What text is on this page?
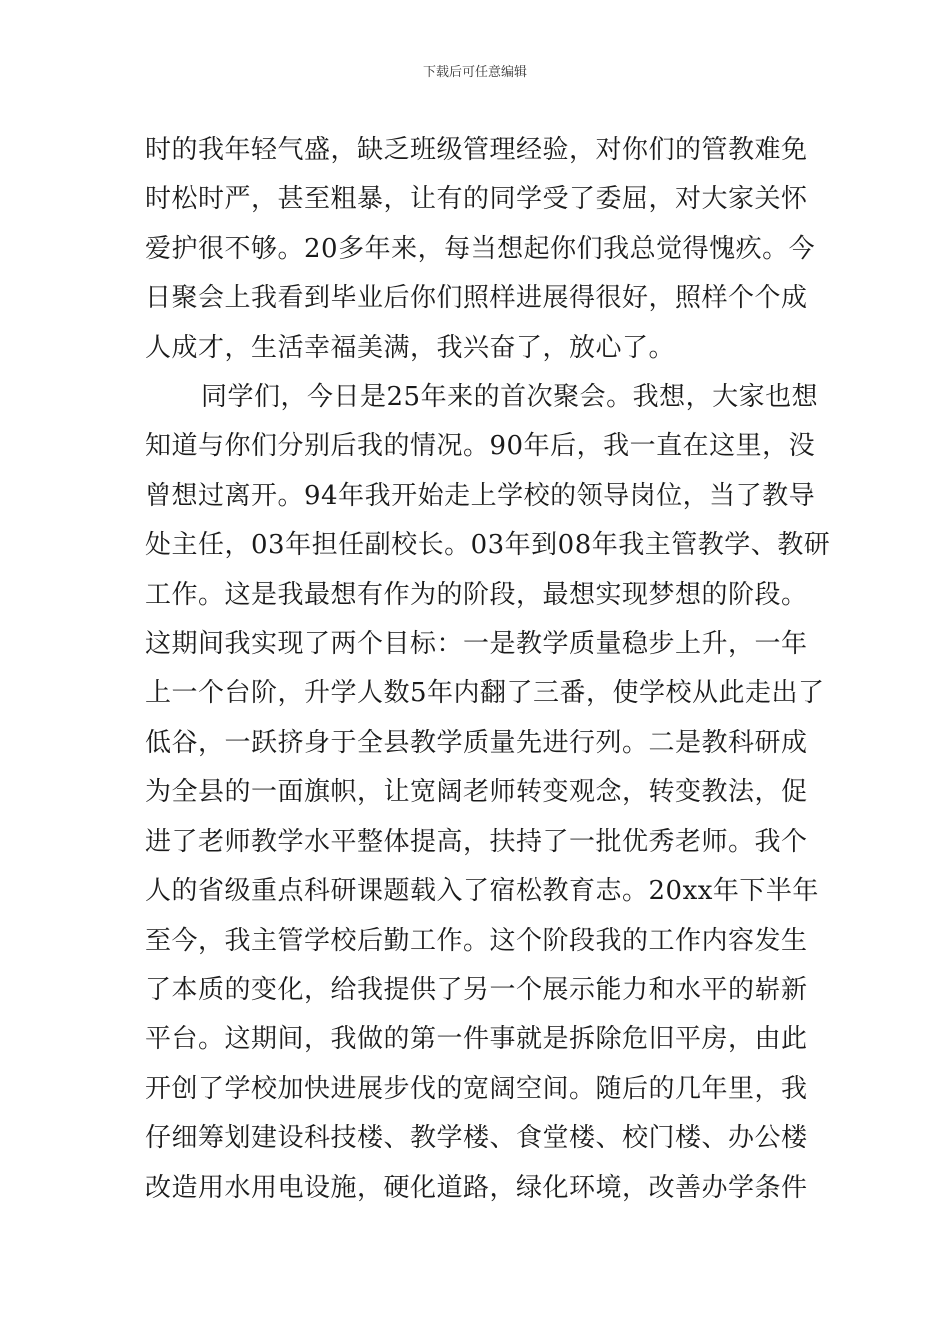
下载后可任意编辑
时的我年轻气盛，缺乏班级管理经验，对你们的管教难免
时松时严，甚至粗暴，让有的同学受了委屈，对大家关怀
爱护很不够。20多年来，每当想起你们我总觉得愧疚。今
日聚会上我看到毕业后你们照样进展得很好，照样个个成
人成才，生活幸福美满，我兴奋了，放心了。
同学们，今日是25年来的首次聚会。我想，大家也想
知道与你们分别后我的情况。90年后，我一直在这里，没
曾想过离开。94年我开始走上学校的领导岗位，当了教导
处主任，03年担任副校长。03年到08年我主管教学、教研
工作。这是我最想有作为的阶段，最想实现梦想的阶段。
这期间我实现了两个目标：一是教学质量稳步上升，一年
上一个台阶，升学人数5年内翻了三番，使学校从此走出了
低谷，一跃挤身于全县教学质量先进行列。二是教科研成
为全县的一面旗帜，让宽阔老师转变观念，转变教法，促
进了老师教学水平整体提高，扶持了一批优秀老师。我个
人的省级重点科研课题载入了宿松教育志。20xx年下半年
至今，我主管学校后勤工作。这个阶段我的工作内容发生
了本质的变化，给我提供了另一个展示能力和水平的崭新
平台。这期间，我做的第一件事就是拆除危旧平房，由此
开创了学校加快进展步伐的宽阔空间。随后的几年里，我
仔细筹划建设科技楼、教学楼、食堂楼、校门楼、办公楼
改造用水用电设施，硬化道路，绿化环境，改善办学条件
